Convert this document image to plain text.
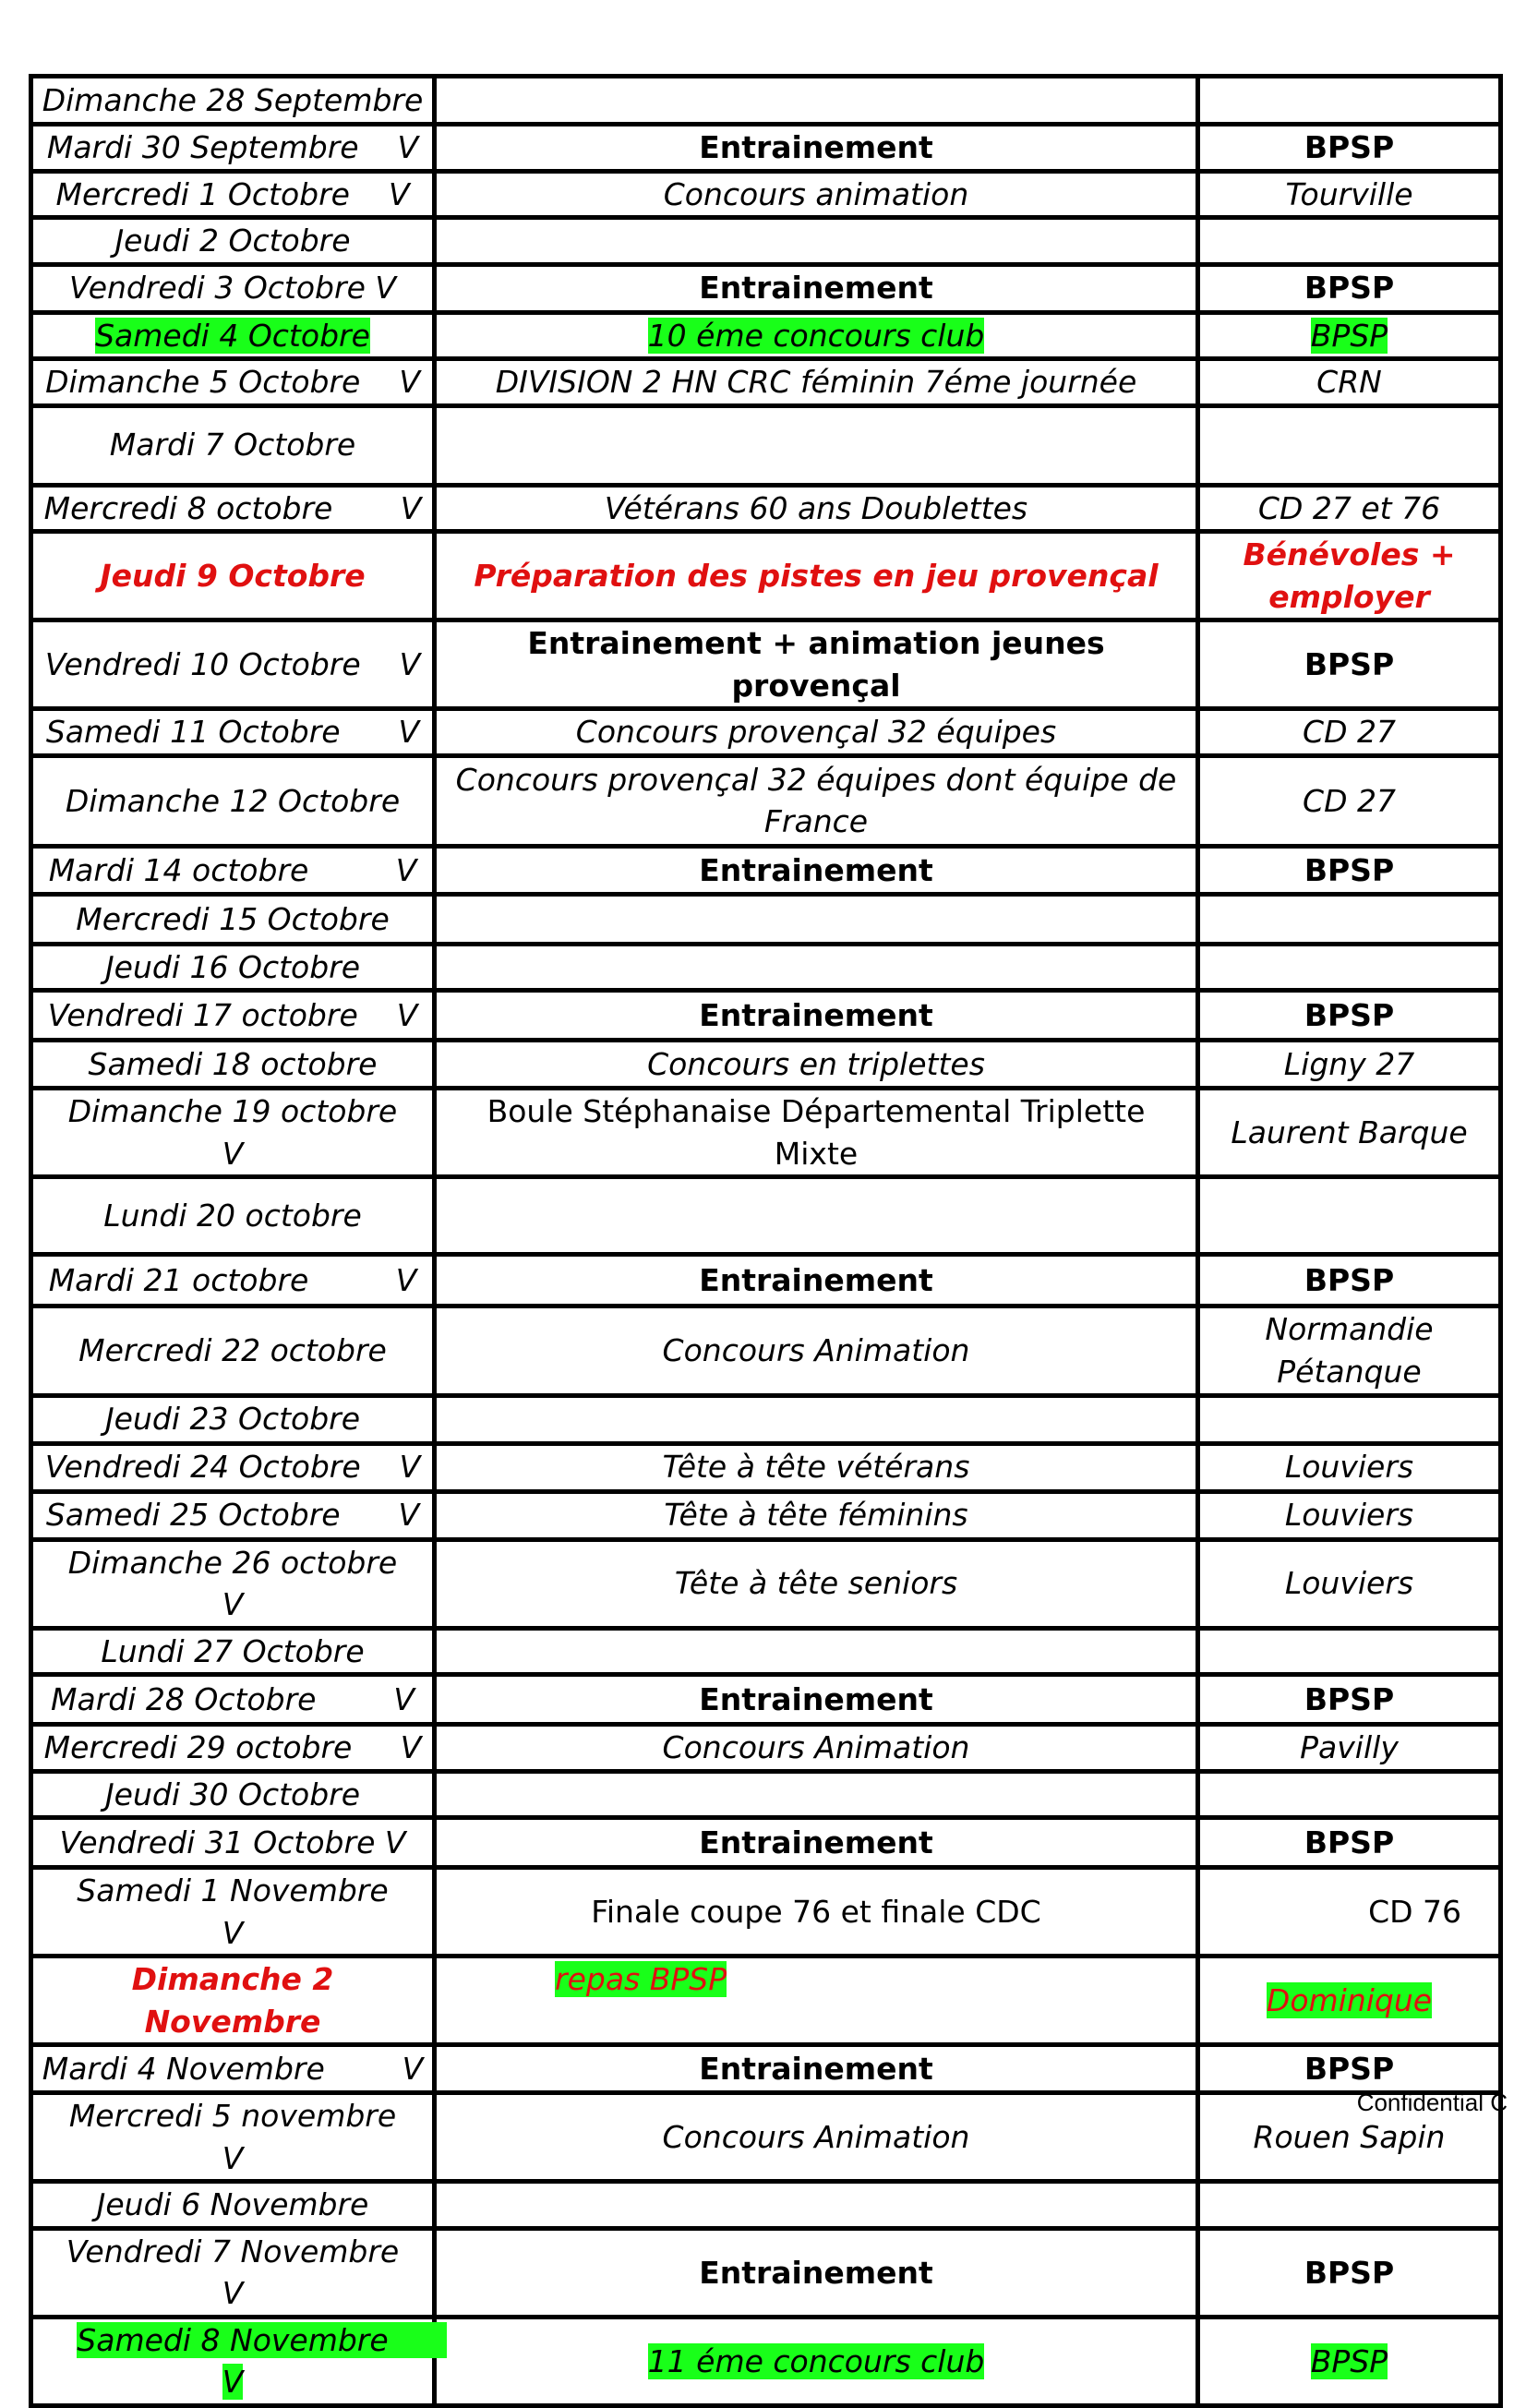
Dimanche 28 Septembre		
Mardi 30 Septembre    V	Entrainement	BPSP
Mercredi 1 Octobre    V	Concours animation	Tourville
Jeudi 2 Octobre		
Vendredi 3 Octobre V	Entrainement	BPSP
Samedi 4 Octobre	10 éme concours club	BPSP
Dimanche 5 Octobre    V	DIVISION 2 HN CRC féminin 7éme journée	CRN
Mardi 7 Octobre		
Mercredi 8 octobre       V	Vétérans 60 ans Doublettes	CD 27 et 76
Jeudi 9 Octobre	Préparation des pistes en jeu provençal	Bénévoles + employer
Vendredi 10 Octobre    V	Entrainement + animation jeunes provençal	BPSP
Samedi 11 Octobre      V	Concours provençal 32 équipes	CD 27
Dimanche 12 Octobre	Concours provençal 32 équipes dont équipe de France	CD 27
Mardi 14 octobre         V	Entrainement	BPSP
Mercredi 15 Octobre		
Jeudi 16 Octobre		
Vendredi 17 octobre    V	Entrainement	BPSP
Samedi 18 octobre	Concours en triplettes	Ligny 27
Dimanche 19 octobre     V	Boule Stéphanaise Départemental Triplette Mixte	Laurent Barque
Lundi 20 octobre		
Mardi 21 octobre         V	Entrainement	BPSP
Mercredi 22 octobre	Concours Animation	Normandie Pétanque
Jeudi 23 Octobre		
Vendredi 24 Octobre    V	Tête à tête vétérans	Louviers
Samedi 25 Octobre      V	Tête à tête féminins	Louviers
Dimanche 26 octobre     V	Tête à tête seniors	Louviers
Lundi 27 Octobre		
Mardi 28 Octobre        V	Entrainement	BPSP
Mercredi 29 octobre     V	Concours Animation	Pavilly
Jeudi 30 Octobre		
Vendredi 31 Octobre V	Entrainement	BPSP
Samedi 1 Novembre      V	Finale coupe 76 et finale CDC	CD 76
Dimanche 2 Novembre	repas BPSP	Dominique
Mardi 4 Novembre        V	Entrainement	BPSP
Mercredi 5 novembre     V	Concours Animation	Rouen Sapin
Jeudi 6 Novembre		
Vendredi 7 Novembre      V	Entrainement	BPSP
Samedi 8 Novembre      V	11 éme concours club	BPSP
Confidential C
